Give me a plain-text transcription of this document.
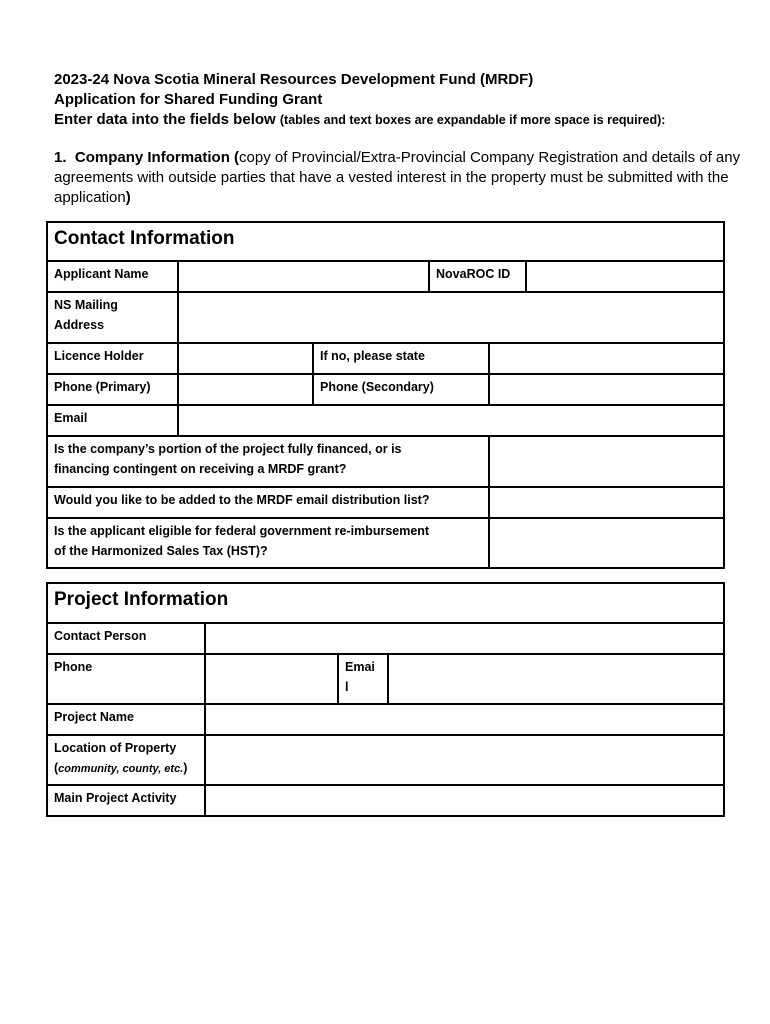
2023-24 Nova Scotia Mineral Resources Development Fund (MRDF)
Application for Shared Funding Grant
Enter data into the fields below (tables and text boxes are expandable if more space is required):
1. Company Information (copy of Provincial/Extra-Provincial Company Registration and details of any agreements with outside parties that have a vested interest in the property must be submitted with the application)
Contact Information					
Applicant Name			NovaROC ID		
NS Mailing
Address					
Licence Holder		If no, please state			
Phone (Primary)		Phone (Secondary)			
Email					
Is the company’s portion of the project fully financed, or is
financing contingent on receiving a MRDF grant?					
Would you like to be added to the MRDF email distribution list?					
Is the applicant eligible for federal government re-imbursement
of the Harmonized Sales Tax (HST)?					
Project Information			
Contact Person			
Phone		Emai
l	
Project Name			
Location of Property
(community, county, etc.)			
Main Project Activity			
